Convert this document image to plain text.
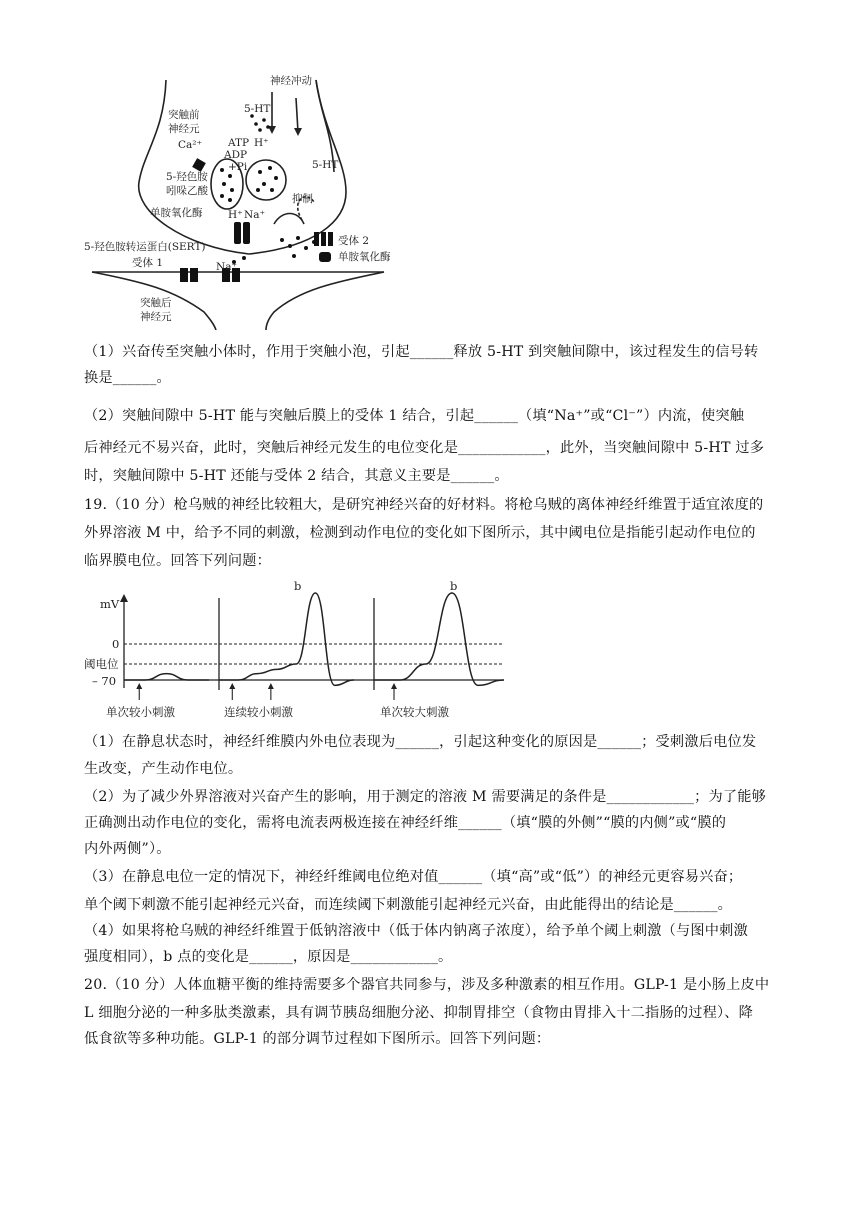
神经冲动
5-HT
突触前
神经元
Ca²⁺ ATP H⁺
ADP
+Pi	5-HT
5-羟色胺
吲哚乙酸
抑制
单胺氧化酶 H⁺ Na⁺
受体 2
5-羟色胺转运蛋白(SERT)
单胺氧化酶
受体 1	Na⁺
突触后
神经元
（1）兴奋传至突触小体时，作用于突触小泡，引起______释放 5-HT 到突触间隙中，该过程发生的信号转
换是______。
（2）突触间隙中 5-HT 能与突触后膜上的受体 1 结合，引起______（填“Na⁺”或“Cl⁻”）内流，使突触
后神经元不易兴奋，此时，突触后神经元发生的电位变化是____________，此外，当突触间隙中 5-HT 过多
时，突触间隙中 5-HT 还能与受体 2 结合，其意义主要是______。
19.（10 分）枪乌贼的神经比较粗大，是研究神经兴奋的好材料。将枪乌贼的离体神经纤维置于适宜浓度的
外界溶液 M 中，给予不同的刺激，检测到动作电位的变化如下图所示，其中阈电位是指能引起动作电位的
临界膜电位。回答下列问题：
mV
0
阈电位
– 70
b	b
单次较小刺激	连续较小刺激	单次较大刺激
（1）在静息状态时，神经纤维膜内外电位表现为______，引起这种变化的原因是______；受刺激后电位发
生改变，产生动作电位。
（2）为了减少外界溶液对兴奋产生的影响，用于测定的溶液 M 需要满足的条件是____________；为了能够
正确测出动作电位的变化，需将电流表两极连接在神经纤维______（填“膜的外侧”“膜的内侧”或“膜的
内外两侧”）。
（3）在静息电位一定的情况下，神经纤维阈电位绝对值______（填“高”或“低”）的神经元更容易兴奋；
单个阈下刺激不能引起神经元兴奋，而连续阈下刺激能引起神经元兴奋，由此能得出的结论是______。
（4）如果将枪乌贼的神经纤维置于低钠溶液中（低于体内钠离子浓度），给予单个阈上刺激（与图中刺激
强度相同），b 点的变化是______，原因是____________。
20.（10 分）人体血糖平衡的维持需要多个器官共同参与，涉及多种激素的相互作用。GLP-1 是小肠上皮中
L 细胞分泌的一种多肽类激素，具有调节胰岛细胞分泌、抑制胃排空（食物由胃排入十二指肠的过程）、降
低食欲等多种功能。GLP-1 的部分调节过程如下图所示。回答下列问题：
